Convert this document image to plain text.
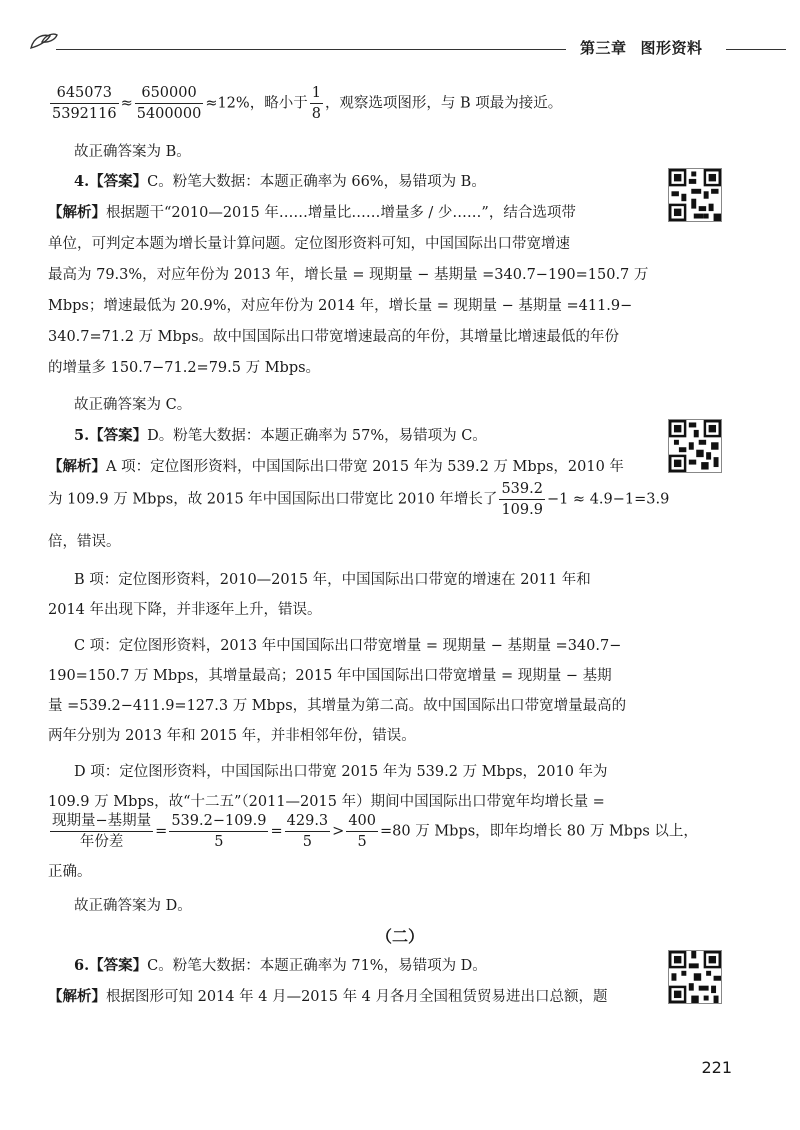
第三章 图形资料
$\frac{645073}{5392116} \approx \frac{650000}{5400000} \approx 12\%$，略小于 $\frac{1}{8}$ ，观察选项图形，与 B 项最为接近。
故正确答案为 B。
4.【答案】C。粉笔大数据：本题正确率为 66%，易错项为 B。
【解析】根据题干“2010—2015 年……增量比……增量多 / 少……”，结合选项带
单位，可判定本题为增长量计算问题。定位图形资料可知，中国国际出口带宽增速
最高为 79.3%，对应年份为 2013 年，增长量 = 现期量 − 基期量 =340.7−190=150.7 万
Mbps；增速最低为 20.9%，对应年份为 2014 年，增长量 = 现期量 − 基期量 =411.9−
340.7=71.2 万 Mbps。故中国国际出口带宽增速最高的年份，其增量比增速最低的年份
的增量多 150.7−71.2=79.5 万 Mbps。
故正确答案为 C。
5.【答案】D。粉笔大数据：本题正确率为 57%，易错项为 C。
【解析】A 项：定位图形资料，中国国际出口带宽 2015 年为 539.2 万 Mbps，2010 年
为 109.9 万 Mbps，故 2015 年中国国际出口带宽比 2010 年增长了 $\frac{539.2}{109.9} -1 \approx 4.9-1=3.9$
倍，错误。
B 项：定位图形资料，2010—2015 年，中国国际出口带宽的增速在 2011 年和
2014 年出现下降，并非逐年上升，错误。
C 项：定位图形资料，2013 年中国国际出口带宽增量 = 现期量 − 基期量 =340.7−
190=150.7 万 Mbps，其增量最高；2015 年中国国际出口带宽增量 = 现期量 − 基期
量 =539.2−411.9=127.3 万 Mbps，其增量为第二高。故中国国际出口带宽增量最高的
两年分别为 2013 年和 2015 年，并非相邻年份，错误。
D 项：定位图形资料，中国国际出口带宽 2015 年为 539.2 万 Mbps，2010 年为
109.9 万 Mbps，故“十二五”（2011—2015 年）期间中国国际出口带宽年均增长量 =
$\frac{\text{现期量−基期量}}{\text{年份差}} = \frac{539.2-109.9}{5} = \frac{429.3}{5} > \frac{400}{5} =80$ 万 Mbps，即年均增长 80 万 Mbps 以上，
正确。
故正确答案为 D。
（二）
6.【答案】C。粉笔大数据：本题正确率为 71%，易错项为 D。
【解析】根据图形可知 2014 年 4 月—2015 年 4 月各月全国租赁贸易进出口总额，题
221
